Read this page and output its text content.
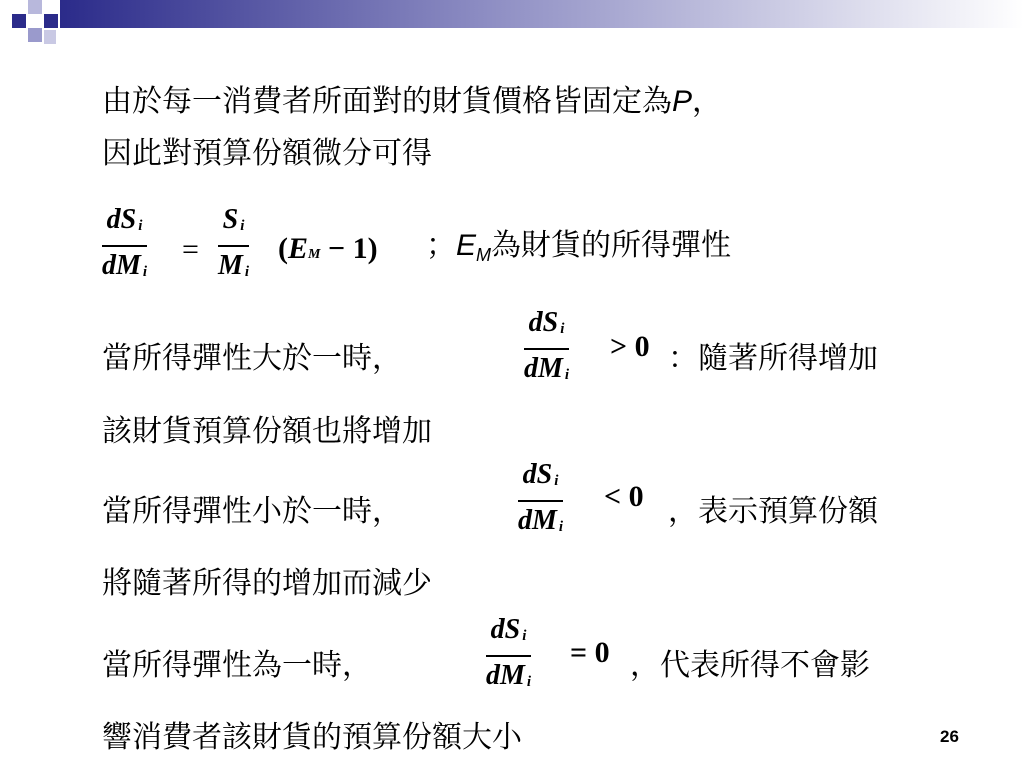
由於每一消費者所面對的財貨價格皆固定為P，
因此對預算份額微分可得
dS i
dM i
=
Si
Mi
(EM − 1) ；$E_M$為財貨的所得彈性
當所得彈性大於一時，
dS i
dM i
> 0 ：隨著所得增加
該財貨預算份額也將增加
當所得彈性小於一時，
dS i
dM i
< 0 ，表示預算份額
將隨著所得的增加而減少
當所得彈性為一時，
dS i
dM i
= 0 ，代表所得不會影
響消費者該財貨的預算份額大小	26
